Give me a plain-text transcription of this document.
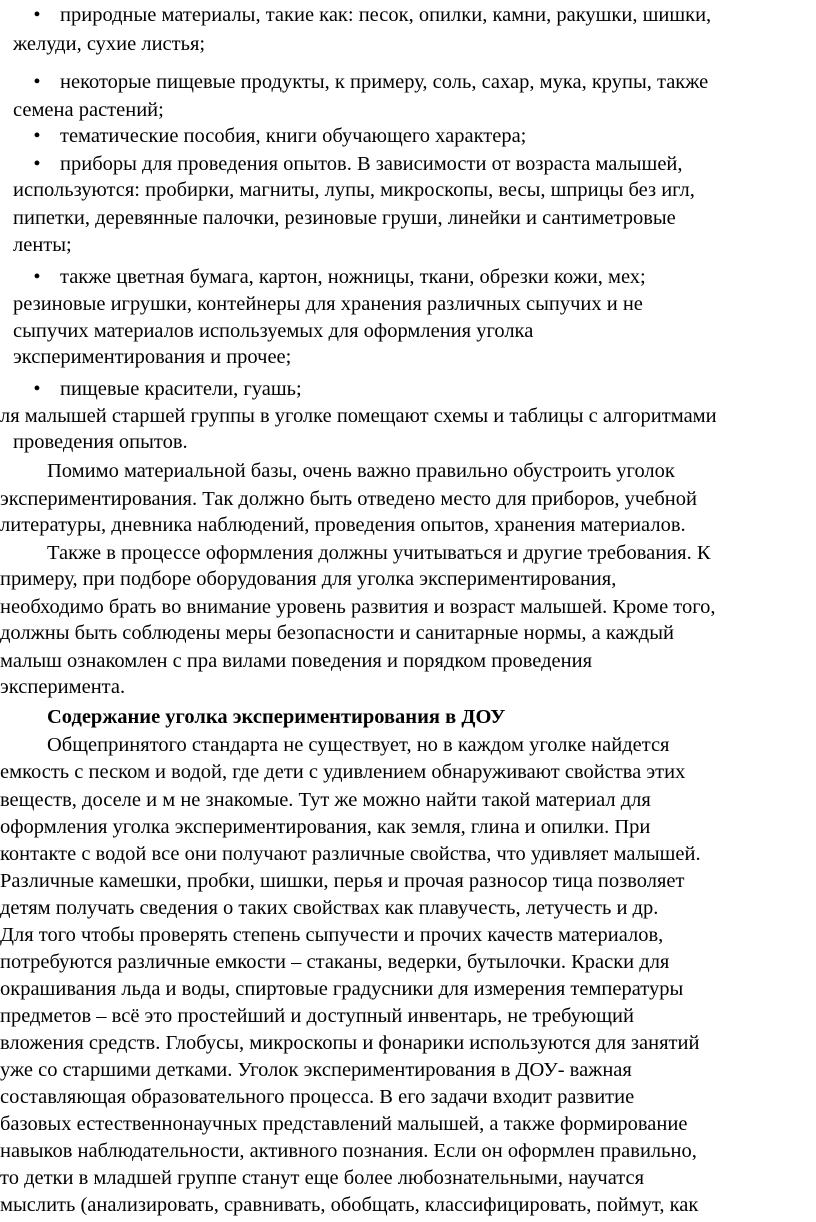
• природные материалы, такие как: песок, опилки, камни, ракушки, шишки,
желуди, сухие листья;
• некоторые пищевые продукты, к примеру, соль, сахар, мука, крупы, также
семена растений;
• тематические пособия, книги обучающего характера;
• приборы для проведения опытов. В зависимости от возраста малышей,
используются: пробирки, магниты, лупы, микроскопы, весы, шприцы без игл,
пипетки, деревянные палочки, резиновые груши, линейки и сантиметровые
ленты;
• также цветная бумага, картон, ножницы, ткани, обрезки кожи, мех;
резиновые игрушки, контейнеры для хранения различных сыпучих и не
сыпучих материалов используемых для оформления уголка
экспериментирования и прочее;
• пищевые красители, гуашь;
ля малышей старшей группы в уголке помещают схемы и таблицы с алгоритмами
проведения опытов.
Помимо материальной базы, очень важно правильно обустроить уголок
экспериментирования. Так должно быть отведено место для приборов, учебной
литературы, дневника наблюдений, проведения опытов, хранения материалов.
Также в процессе оформления должны учитываться и другие требования. К
примеру, при подборе оборудования для уголка экспериментирования,
необходимо брать во внимание уровень развития и возраст малышей. Кроме того,
должны быть соблюдены меры безопасности и санитарные нормы, а каждый
малыш ознакомлен с пра вилами поведения и порядком проведения
эксперимента.
Содержание уголка экспериментирования в ДОУ
Общепринятого стандарта не существует, но в каждом уголке найдется
емкость с песком и водой, где дети с удивлением обнаруживают свойства этих
веществ, доселе и м не знакомые. Тут же можно найти такой материал для
оформления уголка экспериментирования, как земля, глина и опилки. При
контакте с водой все они получают различные свойства, что удивляет малышей.
Различные камешки, пробки, шишки, перья и прочая разносор тица позволяет
детям получать сведения о таких свойствах как плавучесть, летучесть и др.
Для того чтобы проверять степень сыпучести и прочих качеств материалов,
потребуются различные емкости – стаканы, ведерки, бутылочки. Краски для
окрашивания льда и воды, спиртовые градусники для измерения температуры
предметов – всё это простейший и доступный инвентарь, не требующий
вложения средств. Глобусы, микроскопы и фонарики используются для занятий
уже со старшими детками. Уголок экспериментирования в ДОУ- важная
составляющая образовательного процесса. В его задачи входит развитие
базовых естественнонаучных представлений малышей, а также формирование
навыков наблюдательности, активного познания. Если он оформлен правильно,
то детки в младшей группе станут еще более любознательными, научатся
мыслить (анализировать, сравнивать, обобщать, классифицировать, поймут, как
